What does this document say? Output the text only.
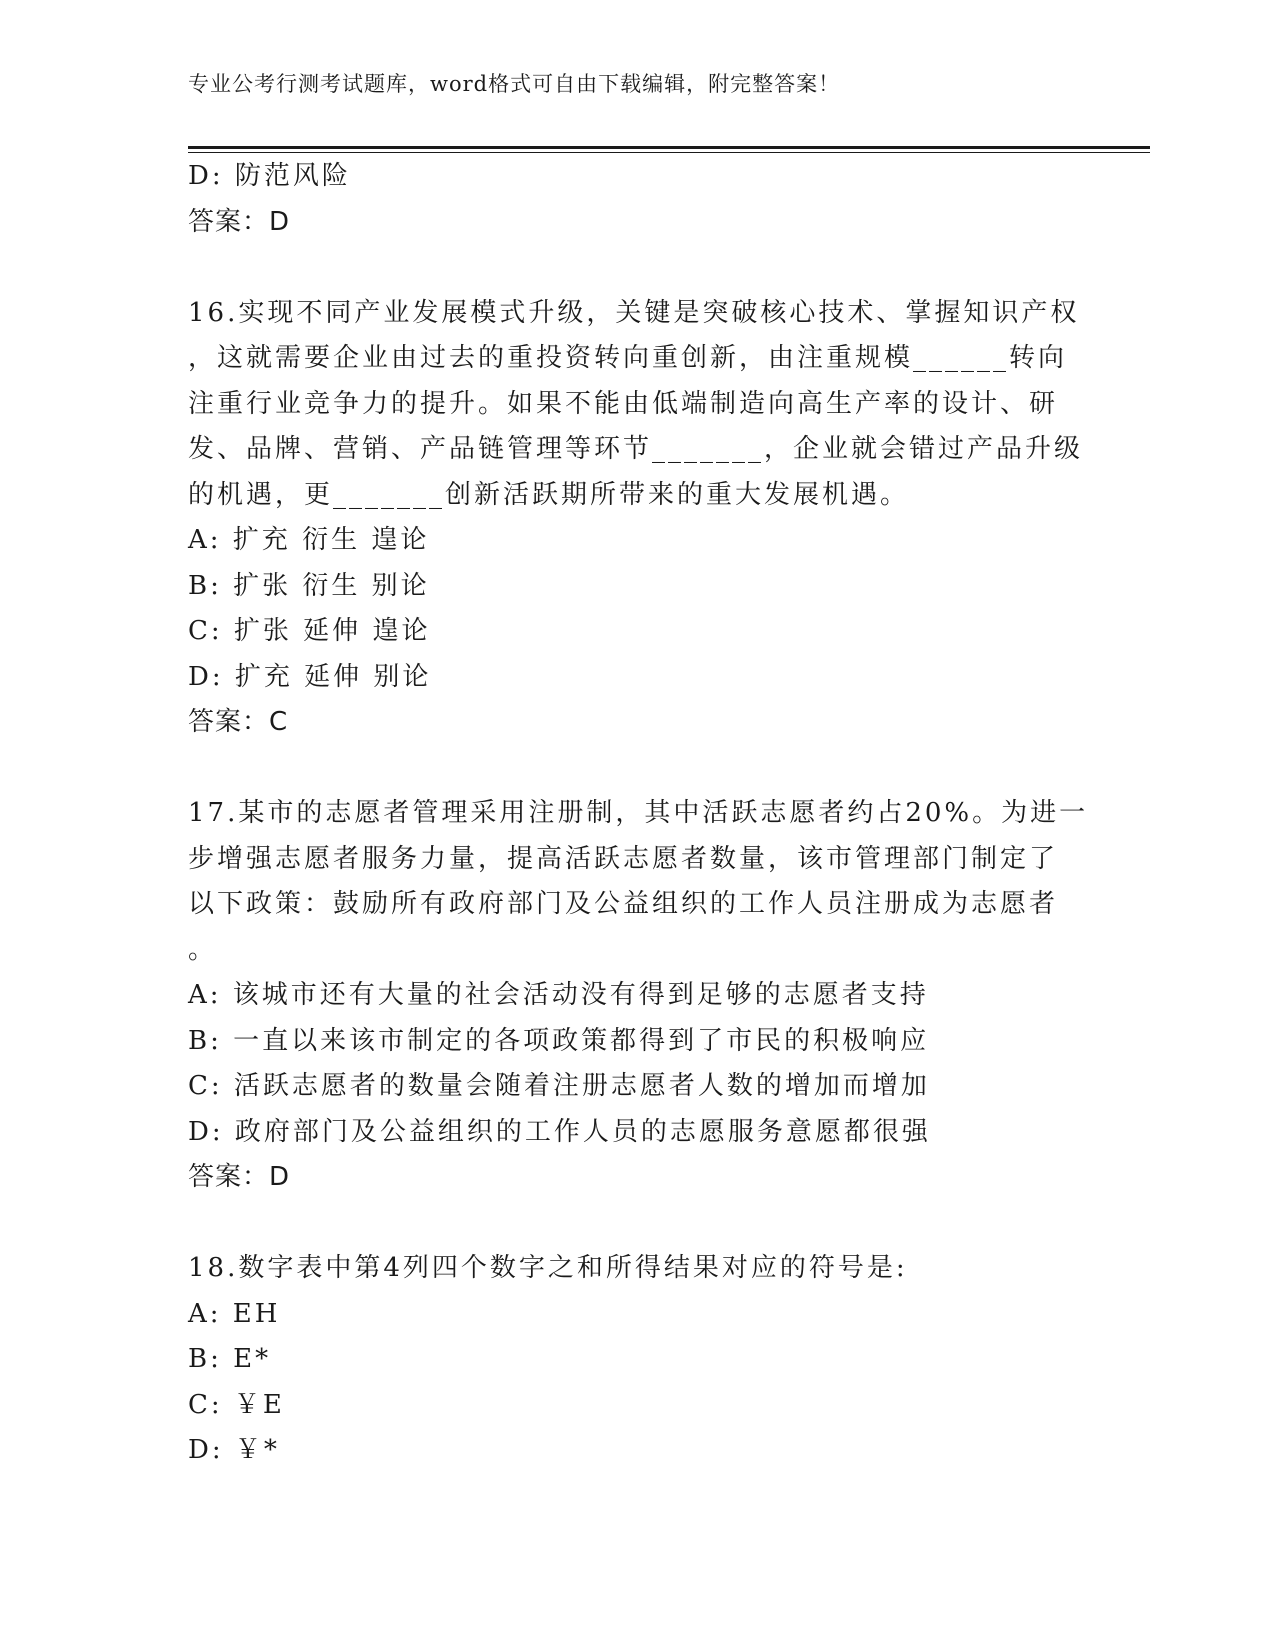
专业公考行测考试题库，word格式可自由下载编辑，附完整答案！
D: 防范风险
答案：D
16.实现不同产业发展模式升级，关键是突破核心技术、掌握知识产权
，这就需要企业由过去的重投资转向重创新，由注重规模______转向
注重行业竞争力的提升。如果不能由低端制造向高生产率的设计、研
发、品牌、营销、产品链管理等环节_______，企业就会错过产品升级
的机遇，更_______创新活跃期所带来的重大发展机遇。
A: 扩充 衍生 遑论
B: 扩张 衍生 别论
C: 扩张 延伸 遑论
D: 扩充 延伸 别论
答案：C
17.某市的志愿者管理采用注册制，其中活跃志愿者约占20%。为进一
步增强志愿者服务力量，提高活跃志愿者数量，该市管理部门制定了
以下政策：鼓励所有政府部门及公益组织的工作人员注册成为志愿者
。
A: 该城市还有大量的社会活动没有得到足够的志愿者支持
B: 一直以来该市制定的各项政策都得到了市民的积极响应
C: 活跃志愿者的数量会随着注册志愿者人数的增加而增加
D: 政府部门及公益组织的工作人员的志愿服务意愿都很强
答案：D
18.数字表中第4列四个数字之和所得结果对应的符号是:
A: EH
B: E*
C: ￥E
D: ￥*
